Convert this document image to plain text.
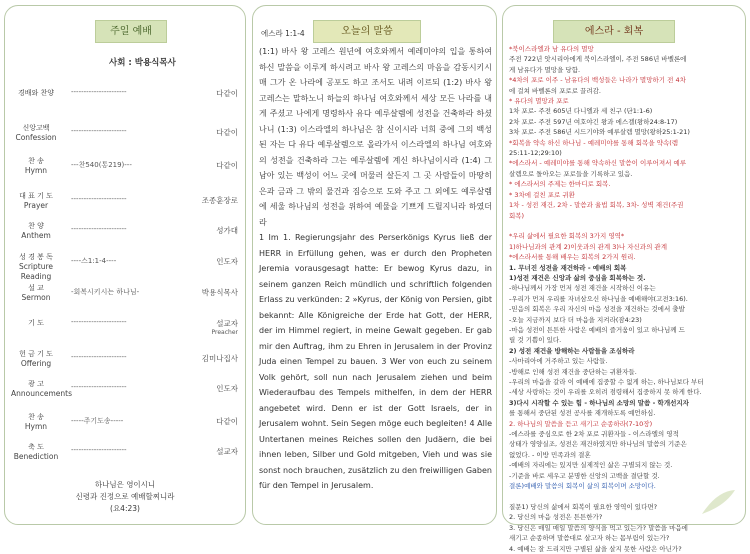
주일 예배
사회 : 박용식목사
경배와 찬양	----------------------	다같이
신앙고백
Confession
----------------------	다같이
찬 송
Hymn
---찬540(통219)---	다같이
대 표 기 도
Prayer
----------------------	조종훈장로
찬 양
Anthem
----------------------	성가대
성 경 봉 독
Scripture Reading
----스1:1-4----	인도자
설 교
Sermon
-회복시키시는 하나님-	박용식목사
기 도	----------------------	설교자
Preacher
헌 금 기 도
Offering
----------------------	김미나집사
광 고
Announcements
----------------------	인도자
찬 송
Hymn
-----주기도송-----	다같이
축 도
Benediction
----------------------	설교자
하나님은 영이시니
신령과 진정으로 예배할찌니라
(요4:23)
오늘의 말씀
에스라 1:1-4

(1:1) 바사 왕 고레스 원년에 여호와께서 예레미야의 입을 통하여 하신 말씀을 이루게 하시려고 바사 왕 고레스의 마음을 감동시키시매 그가 온 나라에 공포도 하고 조서도 내려 이르되 (1:2) 바사 왕 고레스는 말하노니 하늘의 하나님 여호와께서 세상 모든 나라를 내게 주셨고 나에게 명령하사 유다 예루살렘에 성전을 건축하라 하셨나니 (1:3) 이스라엘의 하나님은 참 신이시라 너희 중에 그의 백성 된 자는 다 유다 예루살렘으로 올라가서 이스라엘의 하나님 여호와의 성전을 건축하라 그는 예루살렘에 계신 하나님이시라 (1:4) 그 남아 있는 백성이 어느 곳에 머물러 살든지 그 곳 사람들이 마땅히 은과 금과 그 밖의 물건과 짐승으로 도와 주고 그 외에도 예루살렘에 세울 하나님의 성전을 위하여 예물을 기쁘게 드릴지니라 하였더라

1 Im 1. Regierungsjahr des Perserkönigs Kyrus ließ der HERR in Erfüllung gehen, was er durch den Propheten Jeremia vorausgesagt hatte: Er bewog Kyrus dazu, in seinem ganzen Reich mündlich und schriftlich folgenden Erlass zu verkünden: 2 »Kyrus, der König von Persien, gibt bekannt: Alle Königreiche der Erde hat Gott, der HERR, der im Himmel regiert, in meine Gewalt gegeben. Er gab mir den Auftrag, ihm zu Ehren in Jerusalem in der Provinz Juda einen Tempel zu bauen. 3 Wer von euch zu seinem Volk gehört, soll nun nach Jerusalem ziehen und beim Wiederaufbau des Tempels mithelfen, in dem der HERR angebetet wird. Denn er ist der Gott Israels, der in Jerusalem wohnt. Sein Segen möge euch begleiten! 4 Alle Untertanen meines Reiches sollen den Judäern, die bei ihnen leben, Silber und Gold mitgeben, Vieh und was sie sonst noch brauchen, zusätzlich zu den freiwilligen Gaben für den Tempel in Jerusalem.

에스라 - 회복
*북이스라엘과 남 유다의 멸망
주전 722년 앗시리아에게 북이스라엘이, 주전 586년 바벨론에
게 남유다가 멸망을 당함.
*4차의 포로 이주 - 남유다의 백성들은 나라가 멸망하기 전 4차
에 걸쳐 바벨론의 포로로 끌려감.
* 유다의 멸망과 포로
1차 포로- 주전 605년 다니엘과 세 친구 (단1:1-6)
2차 포로- 주전 597년 여호야긴 왕과 에스겔(왕하24:8-17)
3차 포로- 주전 586년 시드기야와 예루살렘 멸망(왕하25:1-21)
*회복을 약속 하신 하나님 - 예레미야를 통해 회복을 약속(렘
25:11-12;29:10)
*에스라서 - 예레미야를 통해 약속하신 말씀이 이루어져서 예루
살렘으로 돌아오는 포로들을 기록하고 있음.
* 에스라서의 주제는 한마디로 회복.
* 3차에 걸친 포로 귀환
1차 - 성전 재건, 2차 - 말씀과 율법 회복, 3차- 성벽 재건(주권
회복)

*우리 삶에서 필요한 회복의 3가지 영역*
1)하나님과의 관계 2)이웃과의 관계 3)나 자신과의 관계
*에스라서를 통해 배우는 회복의 2가지 원리.
1. 무너진 성전을 재건하라 - 예배의 회복
1)성전 재건은 신앙과 삶의 중심을 회복하는 것.
-하나님께서 가장 먼저 성전 재건을 시작하신 이유는
-우리가 먼저 우리를 자녀삼으신 하나님을 예배해야(고전3:16).
-믿음의 회복은 우리 자신의 마음 성전을 재건하는 것에서 출발
-오늘 지금까지 보다 더 마음을 지켜라(잠4:23)
-마음 성전이 튼튼한 사람은 예배의 즐거움이 있고 하나님께 드
릴 것 기쁨이 있다.
2) 성전 재건을 방해하는 사람들을 조심하라
-사마리아에 거주하고 있는 사람들.
-방해로 인해 성전 재건을 중단하는 귀환자들.
-우리의 마음을 갈라 이 예배에 집중할 수 없게 하는, 하나님보다 부터
-세상 사랑하는 것이 우리를 오히려 점령해서 집중하지 못 하게 한다.
3)다시 시작할 수 있는 힘 - 하나님의 소망의 말씀 - 학개선지자
를 통해서 중단된 성전 공사를 재개하도록 예언하심.
2. 하나님의 말씀을 듣고 새기고 순종하라(7-10장)
-에스라를 중심으로 한 2차 포로 귀환자들 - 이스라엘의 영적
상태가 영양실조, 성전은 재건하였지만 하나님의 말씀의 기준은
없었다. - 이방 민족과의 결혼
-예배의 자리에는 있지만 실제적인 삶은 구별되지 않는 것.
-기준을 바로 세우고 분명한 신앙의 고백을 결단할 것.
결론)예배와 말씀의 회복이 삶의 회복이며 소망이다.

질문1) 당신의 삶에서 회복이 필요한 영역이 있다면?
2. 당신의 마음 성전은 튼튼한가?
3. 당신은 매일 매일 말씀의 양식을 먹고 있는가? 말씀을 마음에
새기고 순종하며 말씀대로 살고자 하는 몸부림이 있는가?
4. 예배는 잘 드리지만 구별된 삶을 살지 못한 사람은 아닌가?
